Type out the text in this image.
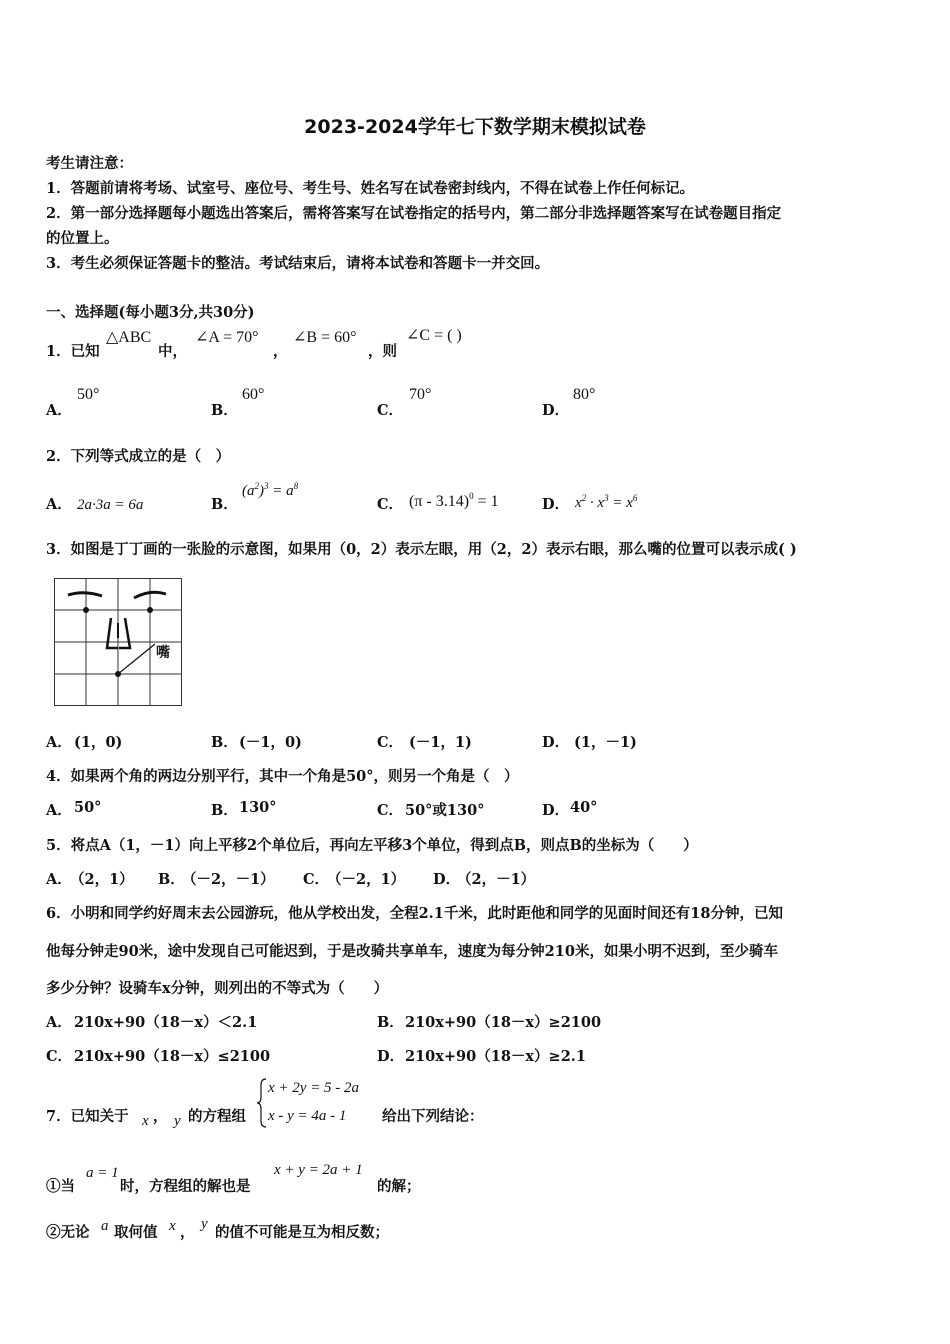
2023-2024学年七下数学期末模拟试卷
考生请注意：
1．答题前请将考场、试室号、座位号、考生号、姓名写在试卷密封线内，不得在试卷上作任何标记。
2．第一部分选择题每小题选出答案后，需将答案写在试卷指定的括号内，第二部分非选择题答案写在试卷题目指定
的位置上。
3．考生必须保证答题卡的整洁。考试结束后，请将本试卷和答题卡一并交回。
一、选择题(每小题3分,共30分)
1．已知
△ABC
中，
∠A = 70°
，
∠B = 60°
，则
∠C = ( )
A．
50°
B．
60°
C．
70°
D．
80°
2．下列等式成立的是（　）
A． 2a·3a = 6a	B．
$(a^2)^3 = a^8$
C． (π - 3.14)$^0$ = 1	D． $x^2 \cdot x^3 = x^6$
3．如图是丁丁画的一张脸的示意图，如果用（0，2）表示左眼，用（2，2）表示右眼，那么嘴的位置可以表示成( )
嘴
A． (1，0)	B． (－1，0)	C． (－1，1)	D． (1，－1)
4．如果两个角的两边分别平行，其中一个角是50°，则另一个角是（　）
A． 50°	B． 130°	C． 50°或130°	D． 40°
5．将点A（1，－1）向上平移2个单位后，再向左平移3个单位，得到点B，则点B的坐标为（　　）
A．
（2，1） B．
（－2，－1） C．
（－2，1） D．
（2，－1）
6．小明和同学约好周末去公园游玩，他从学校出发，全程2.1千米，此时距他和同学的见面时间还有18分钟，已知
他每分钟走90米，途中发现自己可能迟到，于是改骑共享单车，速度为每分钟210米，如果小明不迟到，至少骑车
多少分钟？设骑车x分钟，则列出的不等式为（　　）
A． 210x+90（18－x）＜2.1	B． 210x+90（18－x）≥2100
C． 210x+90（18－x）≤2100	D． 210x+90（18－x）≥2.1
7．已知关于 x ， y 的方程组
x + 2y = 5 - 2a
x - y = 4a - 1 给出下列结论：
①当
a = 1
时，方程组的解也是
x + y = 2a + 1
的解；
②无论 a 取何值 x ， y 的值不可能是互为相反数；
